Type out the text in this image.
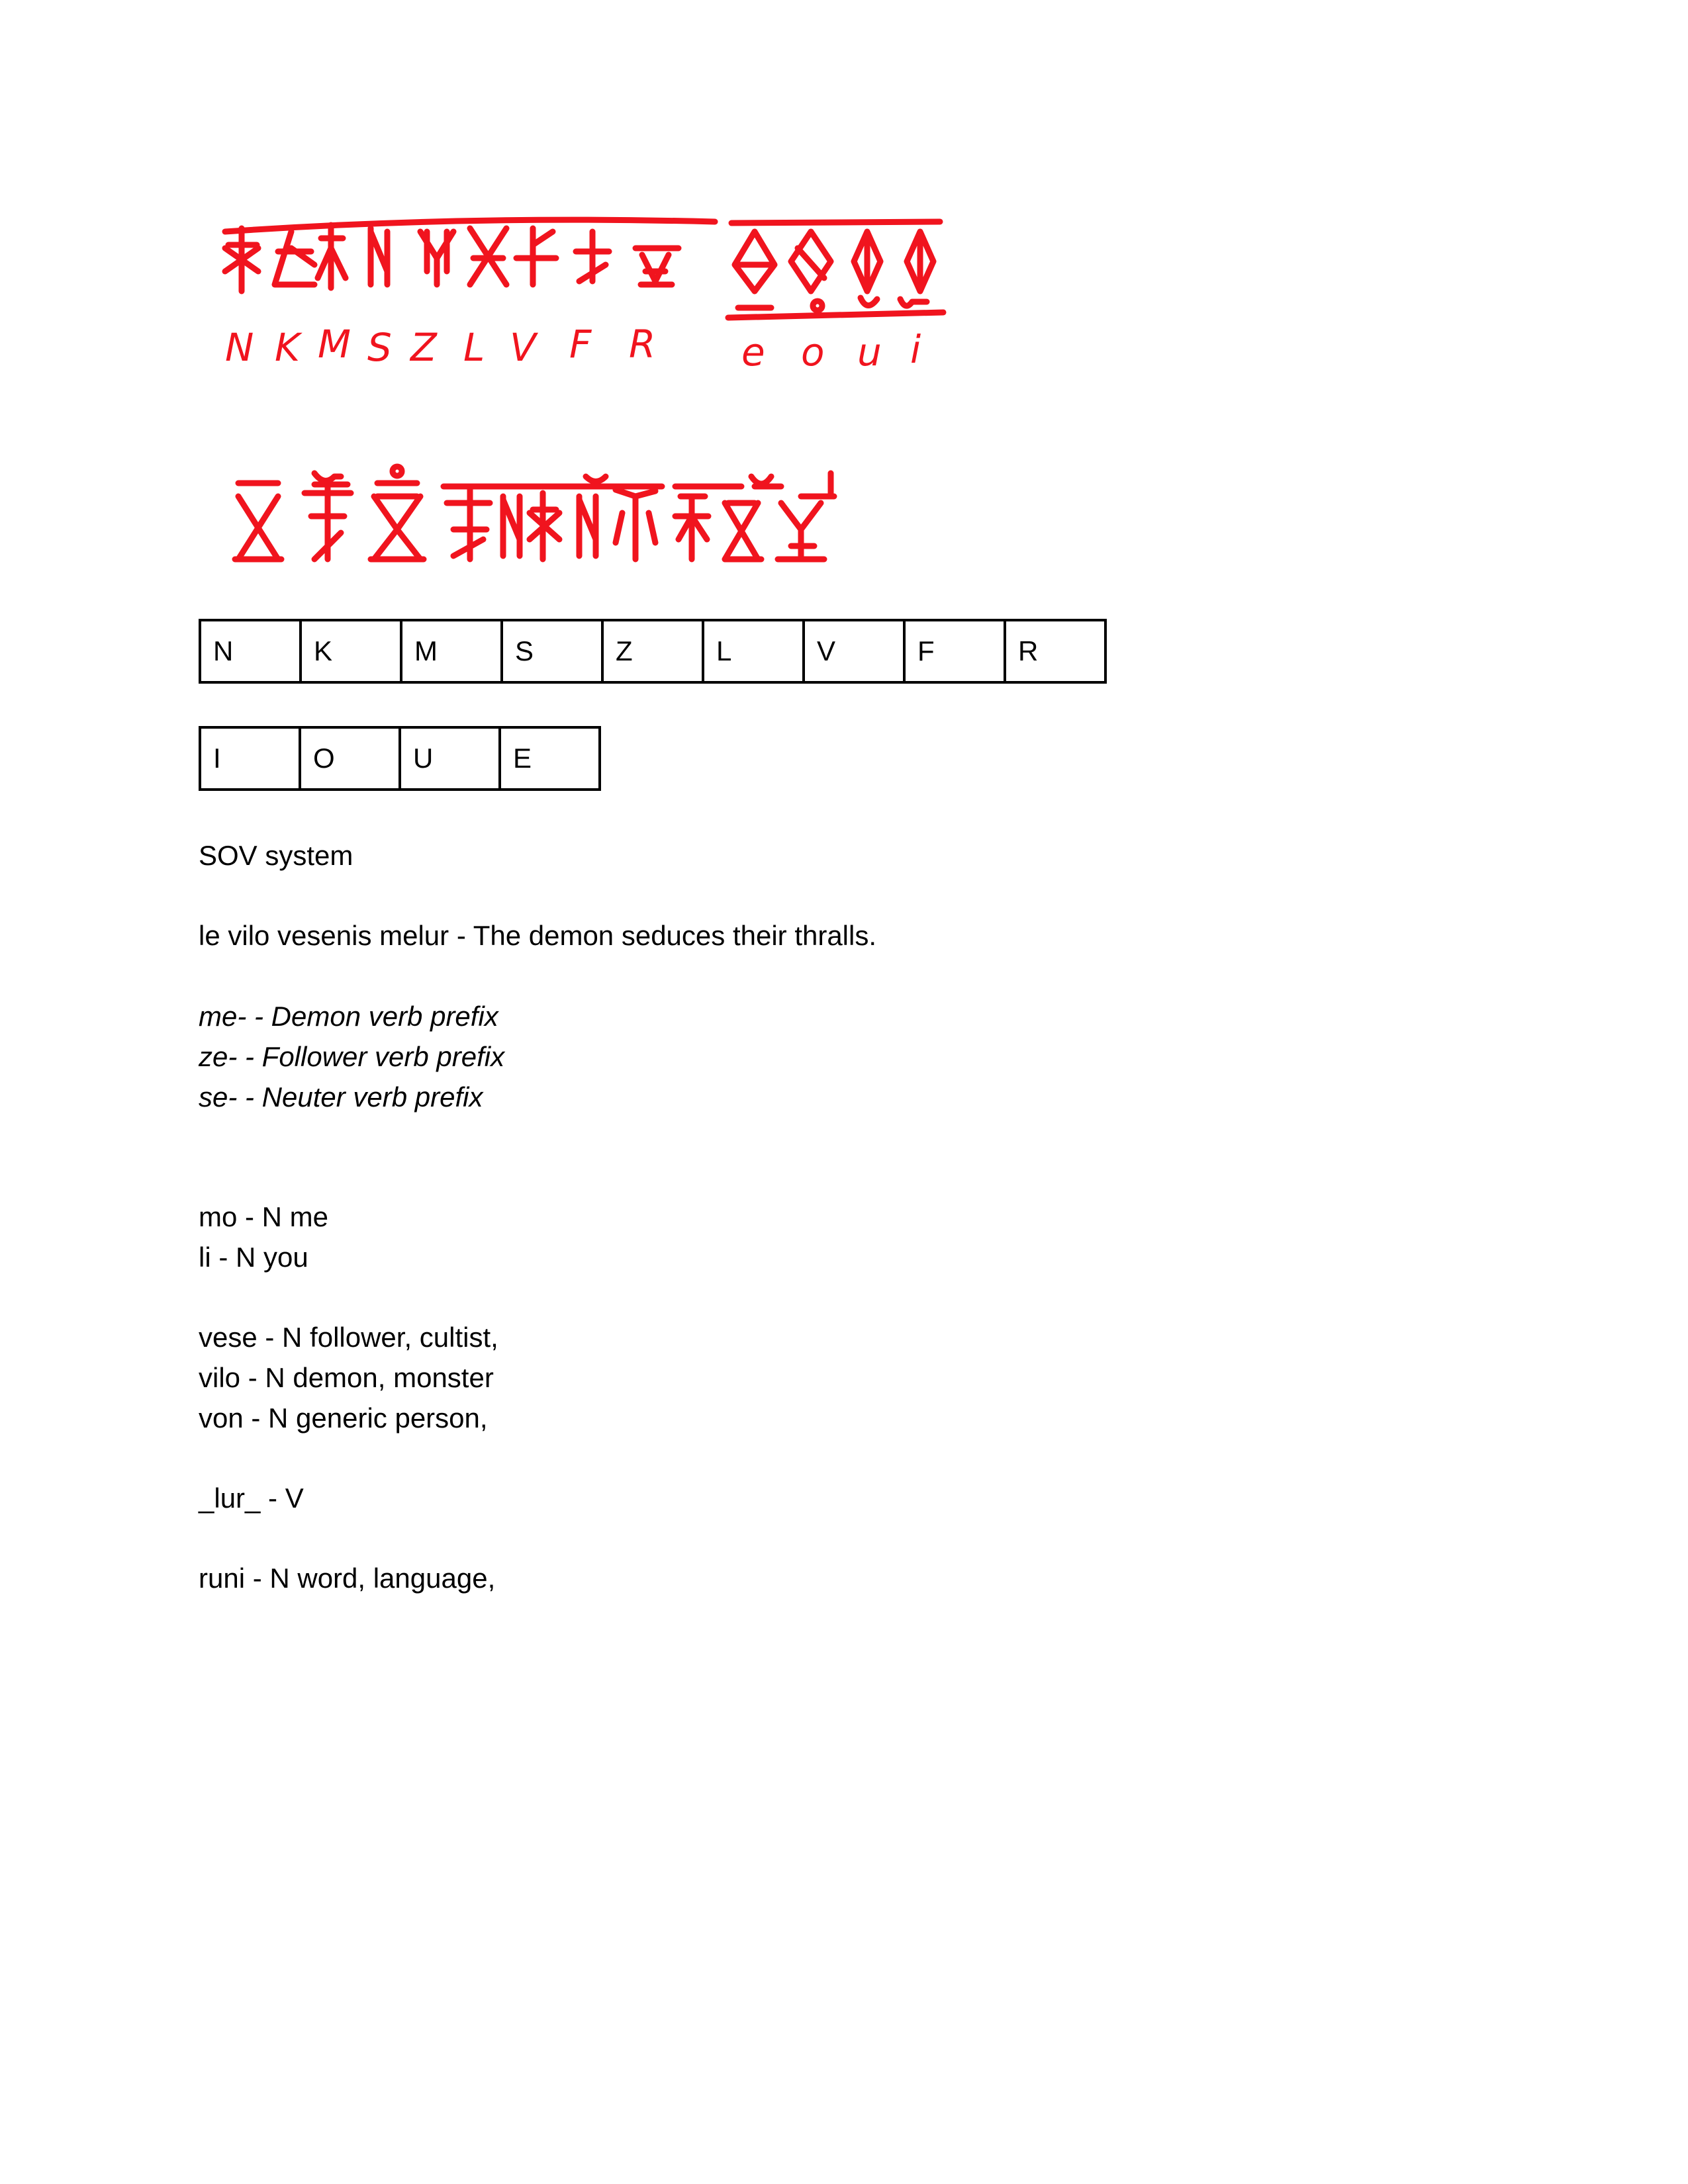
N K M S Z L V F R e o u i
N	K	M	S	Z	L	V	F	R
I	O	U	E
SOV system
le vilo vesenis melur - The demon seduces their thralls.
me- - Demon verb prefix
ze- - Follower verb prefix
se- - Neuter verb prefix
mo - N me
li - N you
vese - N follower, cultist,
vilo - N demon, monster
von - N generic person,
_lur_ - V
runi - N word, language,
